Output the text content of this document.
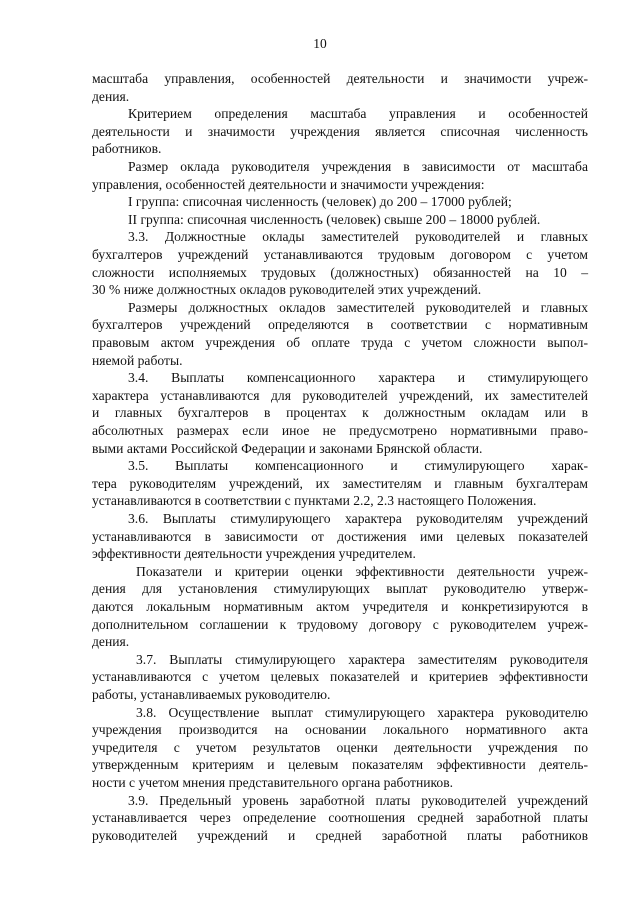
10
масштаба управления, особенностей деятельности и значимости учреж-
дения.
Критерием определения масштаба управления и особенностей
деятельности и значимости учреждения является списочная численность
работников.
Размер оклада руководителя учреждения в зависимости от масштаба
управления, особенностей деятельности и значимости учреждения:
I группа: списочная численность (человек) до 200 – 17000 рублей;
II группа: списочная численность (человек) свыше 200 – 18000 рублей.
3.3. Должностные оклады заместителей руководителей и главных
бухгалтеров учреждений устанавливаются трудовым договором с учетом
сложности исполняемых трудовых (должностных) обязанностей на 10 –
30 % ниже должностных окладов руководителей этих учреждений.
Размеры должностных окладов заместителей руководителей и главных
бухгалтеров учреждений определяются в соответствии с нормативным
правовым актом учреждения об оплате труда с учетом сложности выпол-
няемой работы.
3.4. Выплаты компенсационного характера и стимулирующего
характера устанавливаются для руководителей учреждений, их заместителей
и главных бухгалтеров в процентах к должностным окладам или в
абсолютных размерах если иное не предусмотрено нормативными право-
выми актами Российской Федерации и законами Брянской области.
3.5. Выплаты компенсационного и стимулирующего харак-
тера руководителям учреждений, их заместителям и главным бухгалтерам
устанавливаются в соответствии с пунктами 2.2, 2.3 настоящего Положения.
3.6. Выплаты стимулирующего характера руководителям учреждений
устанавливаются в зависимости от достижения ими целевых показателей
эффективности деятельности учреждения учредителем.
Показатели и критерии оценки эффективности деятельности учреж-
дения для установления стимулирующих выплат руководителю утверж-
даются локальным нормативным актом учредителя и конкретизируются в
дополнительном соглашении к трудовому договору с руководителем учреж-
дения.
3.7. Выплаты стимулирующего характера заместителям руководителя
устанавливаются с учетом целевых показателей и критериев эффективности
работы, устанавливаемых руководителю.
3.8. Осуществление выплат стимулирующего характера руководителю
учреждения производится на основании локального нормативного акта
учредителя с учетом результатов оценки деятельности учреждения по
утвержденным критериям и целевым показателям эффективности деятель-
ности с учетом мнения представительного органа работников.
3.9. Предельный уровень заработной платы руководителей учреждений
устанавливается через определение соотношения средней заработной платы
руководителей учреждений и средней заработной платы работников
